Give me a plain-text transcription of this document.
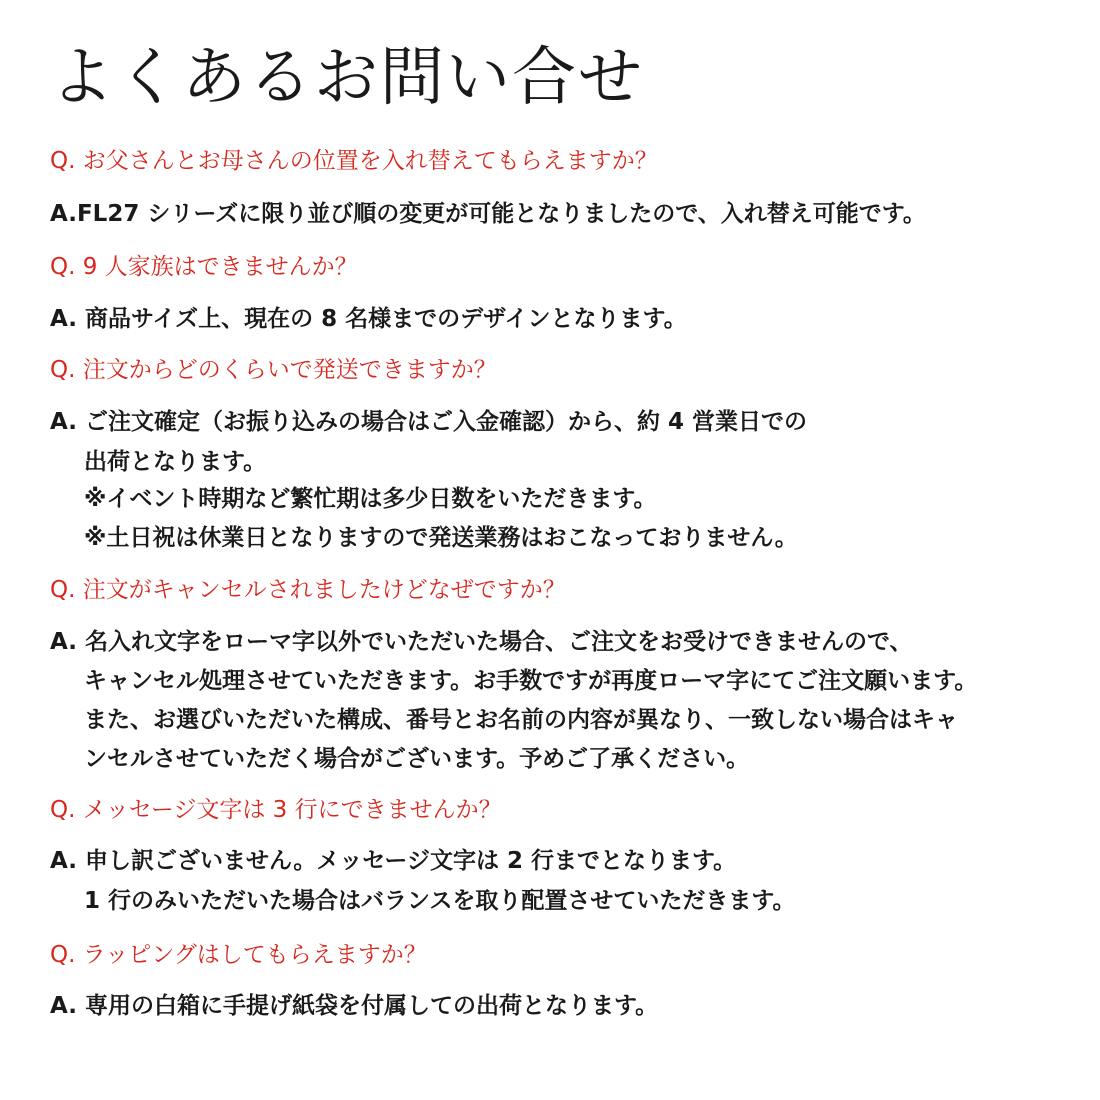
よくあるお問い合せ

Q. お父さんとお母さんの位置を入れ替えてもらえますか？

A.FL27 シリーズに限り並び順の変更が可能となりましたので、入れ替え可能です。

Q. 9 人家族はできませんか？

A. 商品サイズ上、現在の 8 名様までのデザインとなります。

Q. 注文からどのくらいで発送できますか？

A. ご注文確定（お振り込みの場合はご入金確認）から、約 4 営業日での

出荷となります。

※イベント時期など繁忙期は多少日数をいただきます。

※土日祝は休業日となりますので発送業務はおこなっておりません。

Q. 注文がキャンセルされましたけどなぜですか？

A. 名入れ文字をローマ字以外でいただいた場合、ご注文をお受けできませんので、

キャンセル処理させていただきます。お手数ですが再度ローマ字にてご注文願います。

また、お選びいただいた構成、番号とお名前の内容が異なり、一致しない場合はキャ

ンセルさせていただく場合がございます。予めご了承ください。

Q. メッセージ文字は 3 行にできませんか？

A. 申し訳ございません。メッセージ文字は 2 行までとなります。

1 行のみいただいた場合はバランスを取り配置させていただきます。

Q. ラッピングはしてもらえますか？

A. 専用の白箱に手提げ紙袋を付属しての出荷となります。
